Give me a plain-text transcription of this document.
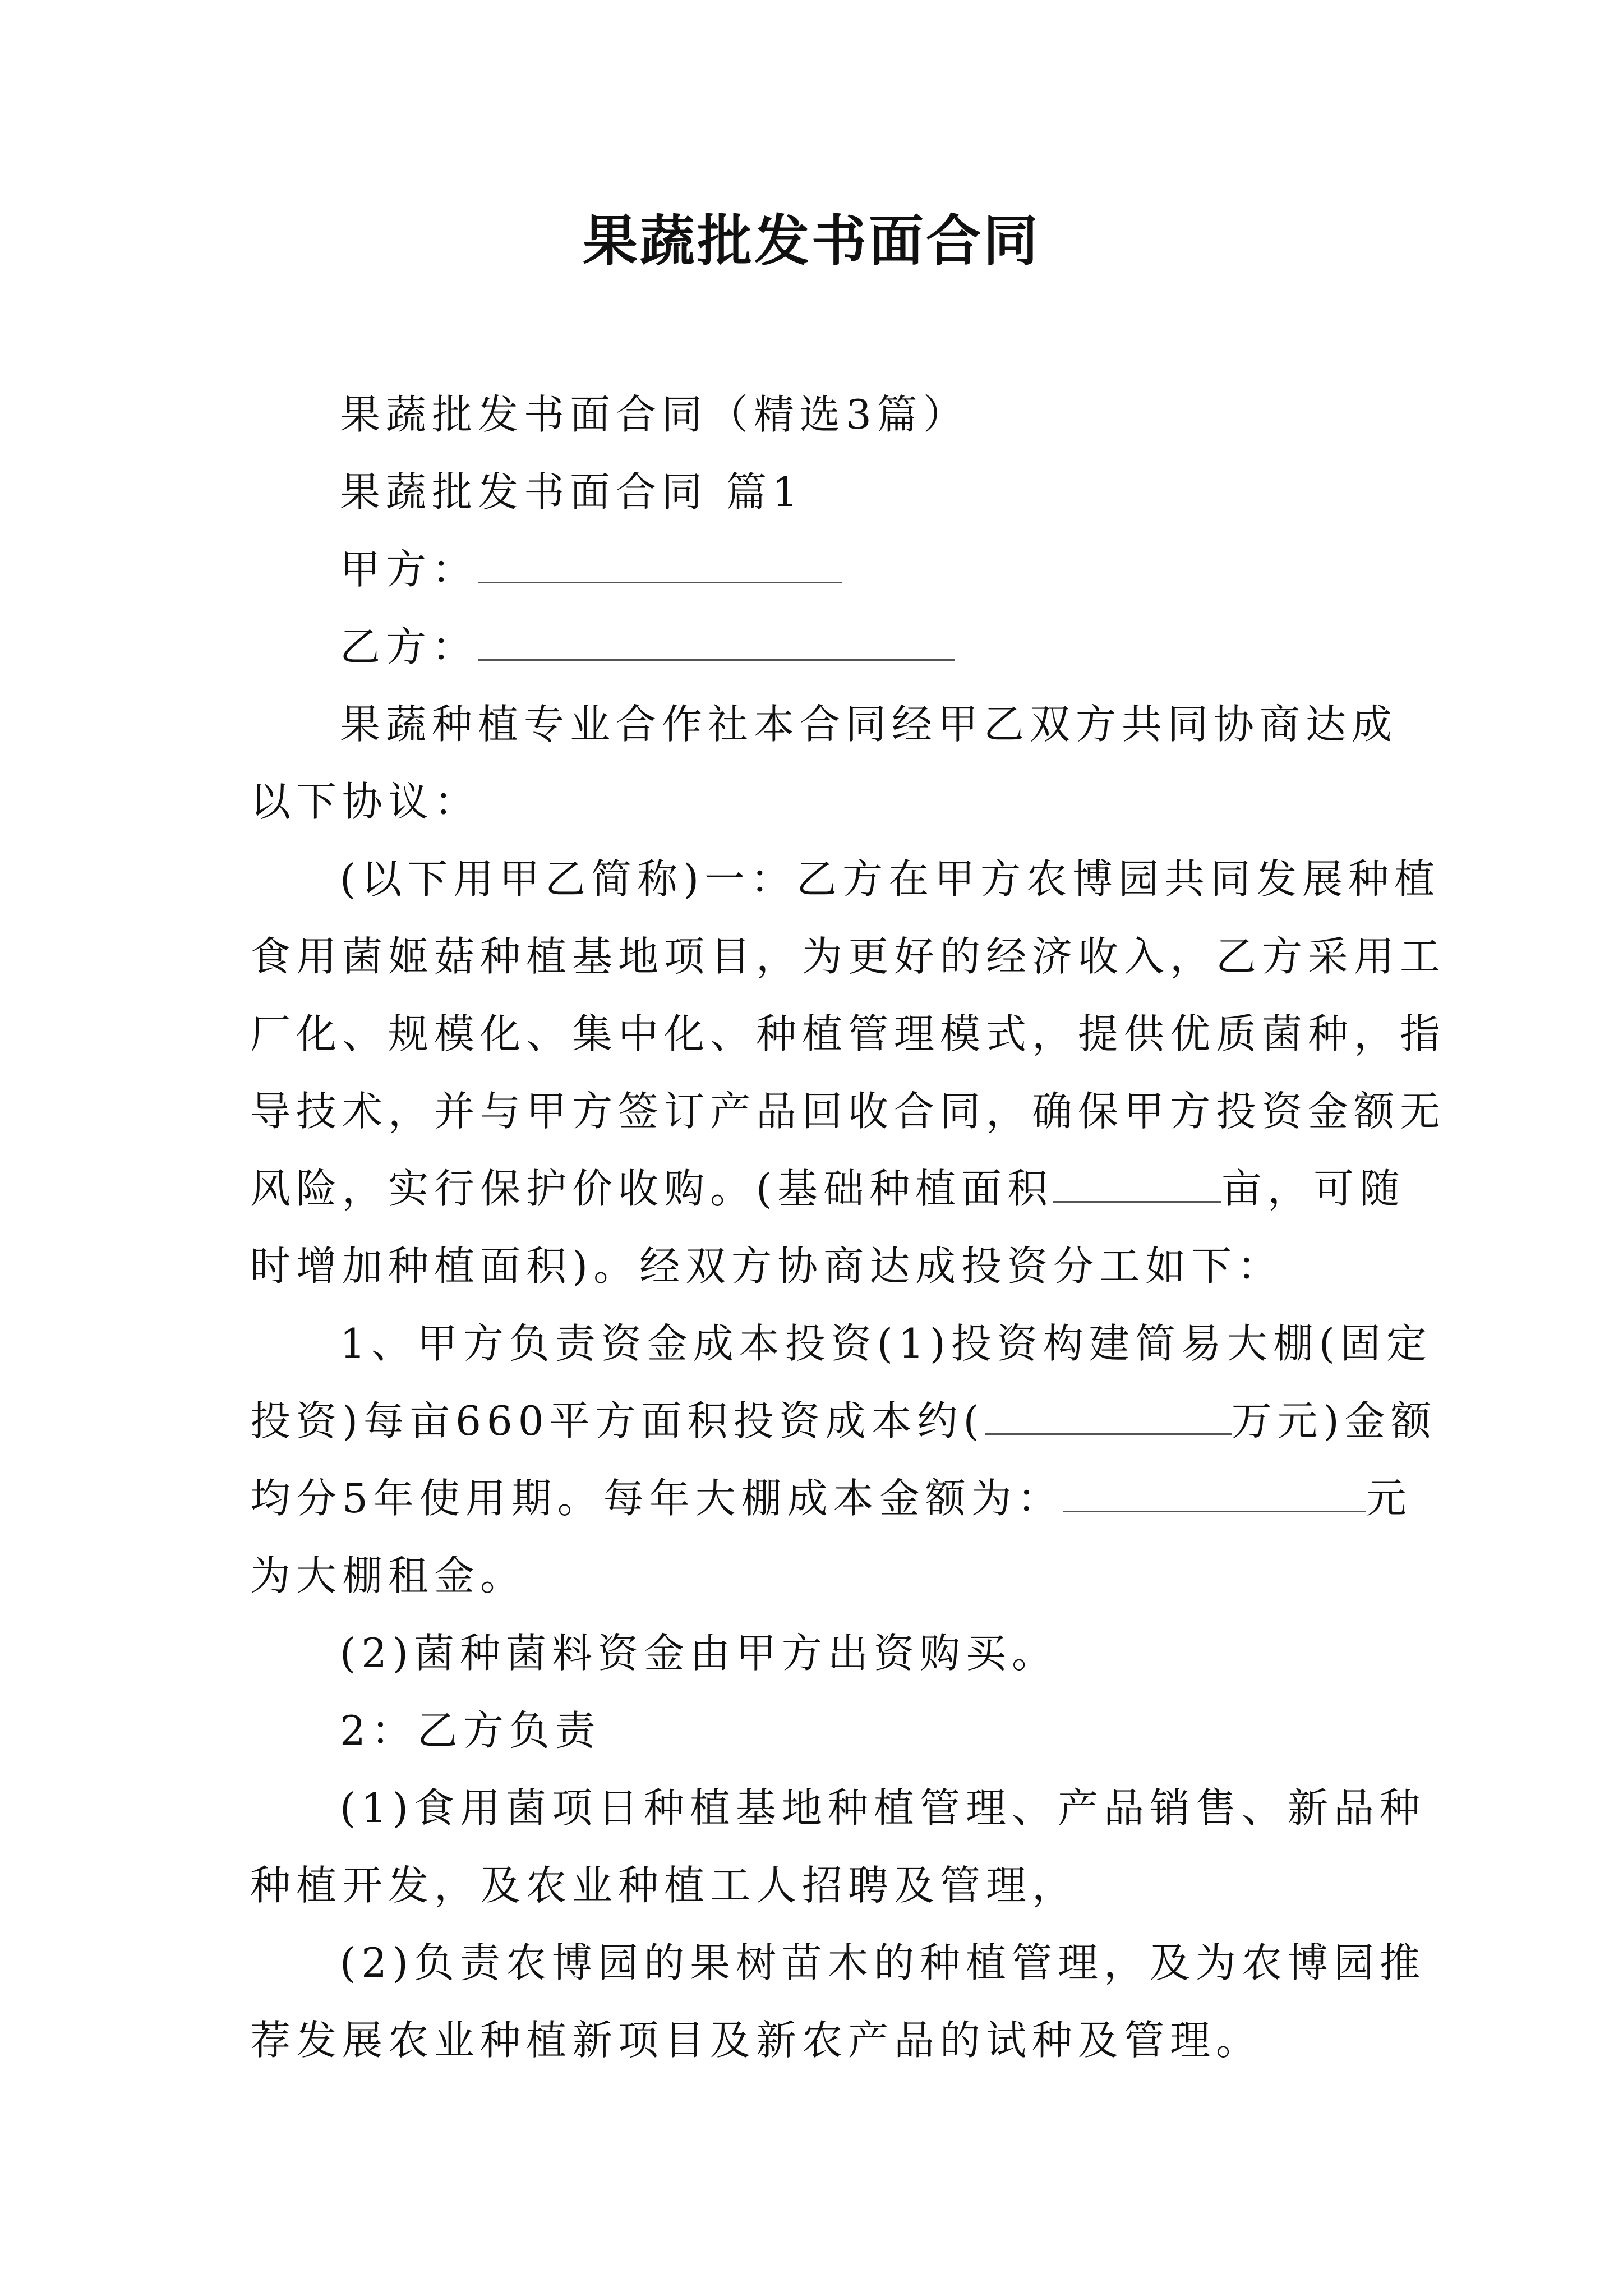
果蔬批发书面合同
果蔬批发书面合同（精选3篇）
果蔬批发书面合同 篇1
甲方：
乙方：
果蔬种植专业合作社本合同经甲乙双方共同协商达成
以下协议：
(以下用甲乙简称)一：乙方在甲方农博园共同发展种植
食用菌姬菇种植基地项目，为更好的经济收入，乙方采用工
厂化、规模化、集中化、种植管理模式，提供优质菌种，指
导技术，并与甲方签订产品回收合同，确保甲方投资金额无
风险，实行保护价收购。(基础种植面积	亩，可随
时增加种植面积)。经双方协商达成投资分工如下：
1、甲方负责资金成本投资(1)投资构建简易大棚(固定
投资)每亩660平方面积投资成本约(	万元)金额
均分5年使用期。每年大棚成本金额为：	元
为大棚租金。
(2)菌种菌料资金由甲方出资购买。
2：乙方负责
(1)食用菌项日种植基地种植管理、产品销售、新品种
种植开发，及农业种植工人招聘及管理，
(2)负责农博园的果树苗木的种植管理，及为农博园推
荐发展农业种植新项目及新农产品的试种及管理。
